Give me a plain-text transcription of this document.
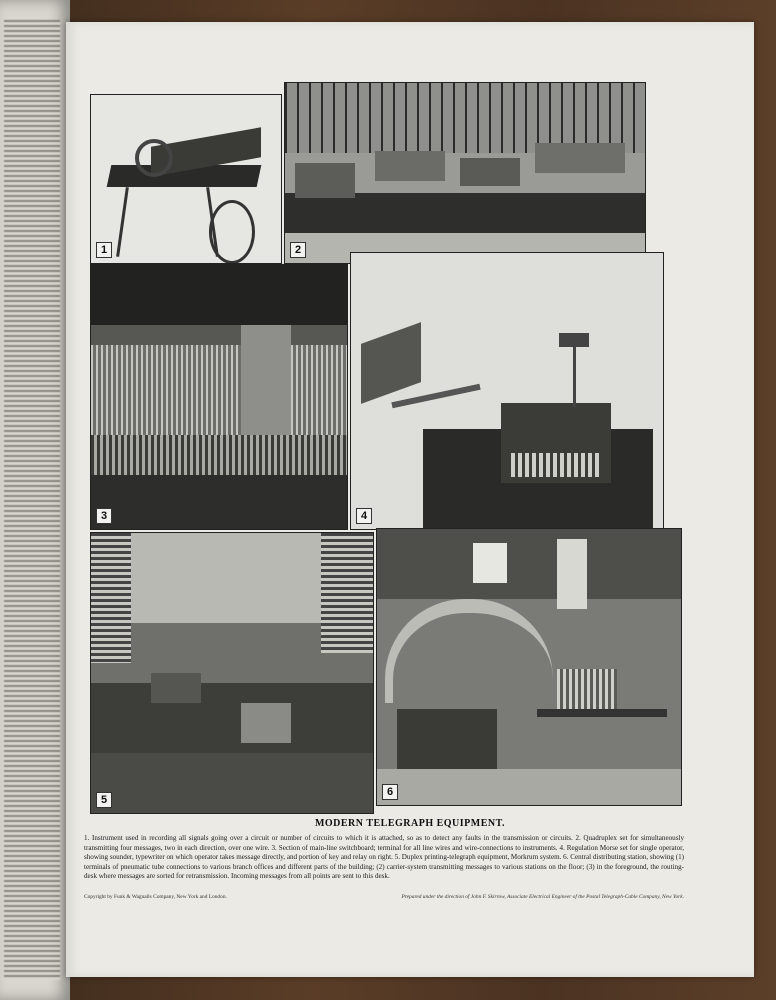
1	2
3	4
5
6
MODERN TELEGRAPH EQUIPMENT.
1. Instrument used in recording all signals going over a circuit or number of circuits to which it is attached, so as to detect any faults in the transmission or circuits. 2. Quadruplex set for simultaneously transmitting four messages, two in each direction, over one wire. 3. Section of main-line switchboard; terminal for all line wires and wire-connections to instruments. 4. Regulation Morse set for single operator, showing sounder, typewriter on which operator takes message directly, and portion of key and relay on right. 5. Duplex printing-telegraph equipment, Morkrum system. 6. Central distributing station, showing (1) terminals of pneumatic tube connections to various branch offices and different parts of the building; (2) carrier-system transmitting messages to various stations on the floor; (3) in the foreground, the routing-desk where messages are sorted for retransmission. Incoming messages from all points are sent to this desk.
Copyright by Funk & Wagnalls Company, New York and London.	Prepared under the direction of John F. Skirrow, Associate Electrical Engineer of the Postal Telegraph-Cable Company, New York.
